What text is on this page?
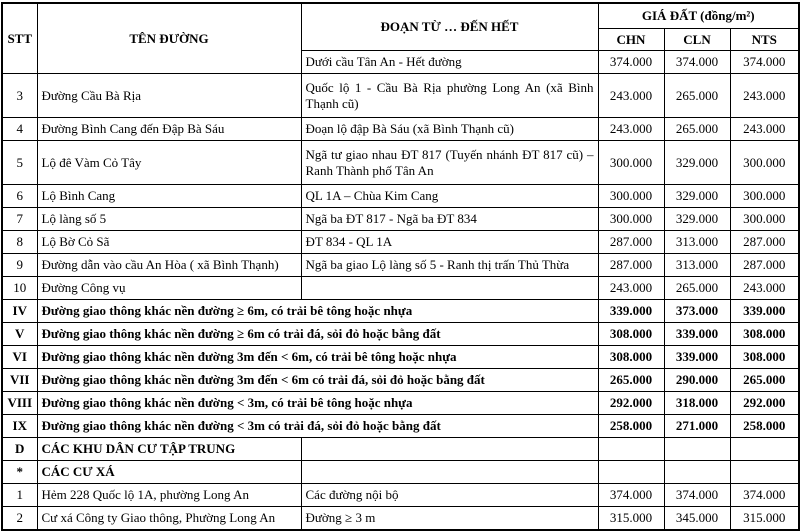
STT	TÊN ĐƯỜNG	ĐOẠN TỪ … ĐẾN HẾT	GIÁ ĐẤT (đồng/m²)		
			CHN	CLN	NTS
		Dưới cầu Tân An - Hết đường	374.000	374.000	374.000
3	Đường Cầu Bà Rịa	Quốc lộ 1 - Cầu Bà Rịa phường Long An (xã Bình Thạnh cũ)	243.000	265.000	243.000
4	Đường Bình Cang đến Đập Bà Sáu	Đoạn lộ đập Bà Sáu (xã Bình Thạnh cũ)	243.000	265.000	243.000
5	Lộ đê Vàm Cỏ Tây	Ngã tư giao nhau ĐT 817 (Tuyến nhánh ĐT 817 cũ) – Ranh Thành phố Tân An	300.000	329.000	300.000
6	Lộ Bình Cang	QL 1A – Chùa Kim Cang	300.000	329.000	300.000
7	Lộ làng số 5	Ngã ba ĐT 817 - Ngã ba ĐT 834	300.000	329.000	300.000
8	Lộ Bờ Cỏ Sã	ĐT 834 - QL 1A	287.000	313.000	287.000
9	Đường dẫn vào cầu An Hòa ( xã Bình Thạnh)	Ngã ba giao Lộ làng số 5 - Ranh thị trấn Thủ Thừa	287.000	313.000	287.000
10	Đường Công vụ		243.000	265.000	243.000
IV	Đường giao thông khác nền đường ≥ 6m, có trải bê tông hoặc nhựa		339.000	373.000	339.000
V	Đường giao thông khác nền đường ≥ 6m có trải đá, sỏi đỏ hoặc bằng đất		308.000	339.000	308.000
VI	Đường giao thông khác nền đường 3m đến < 6m, có trải bê tông hoặc nhựa		308.000	339.000	308.000
VII	Đường giao thông khác nền đường 3m đến < 6m có trải đá, sỏi đỏ hoặc bằng đất		265.000	290.000	265.000
VIII	Đường giao thông khác nền đường < 3m, có trải bê tông hoặc nhựa		292.000	318.000	292.000
IX	Đường giao thông khác nền đường < 3m có trải đá, sỏi đỏ hoặc bằng đất		258.000	271.000	258.000
D	CÁC KHU DÂN CƯ TẬP TRUNG				
*	CÁC CƯ XÁ				
1	Hẻm 228 Quốc lộ 1A, phường Long An	Các đường nội bộ	374.000	374.000	374.000
2	Cư xá Công ty Giao thông, Phường Long An	Đường ≥ 3 m	315.000	345.000	315.000
